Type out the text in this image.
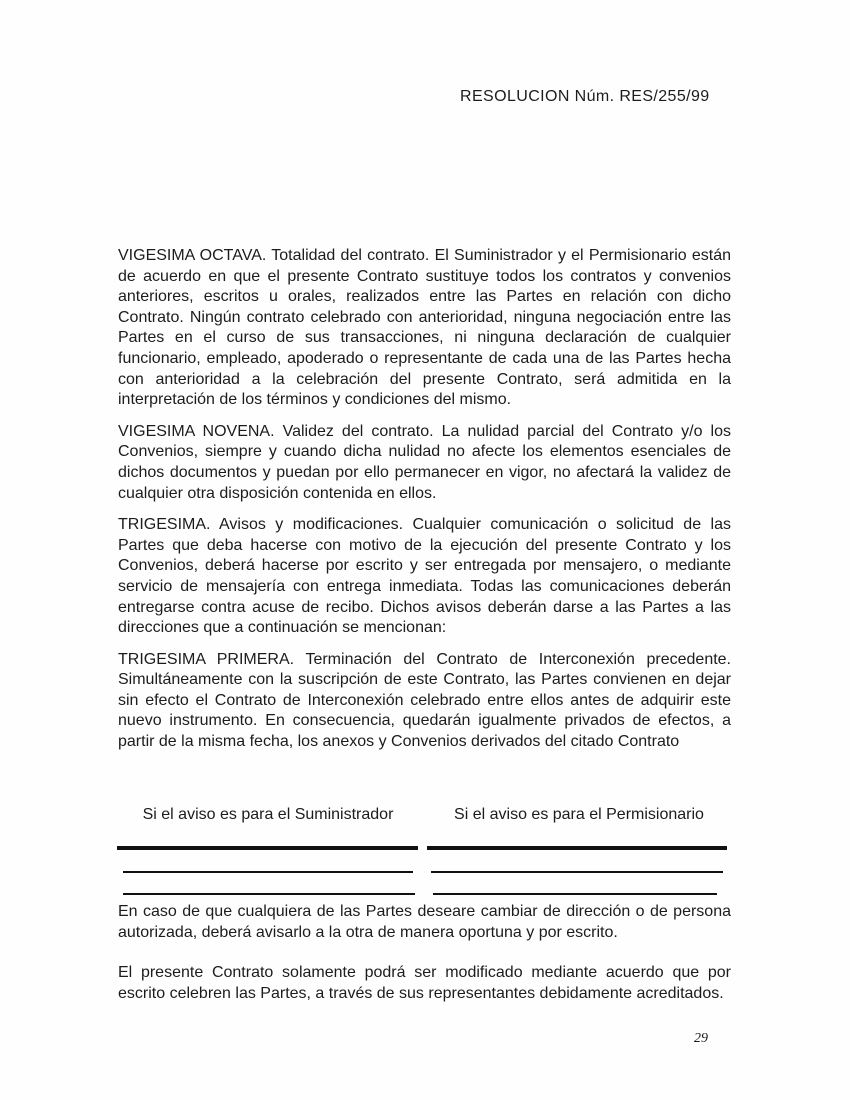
RESOLUCION Núm. RES/255/99

VIGESIMA OCTAVA. Totalidad del contrato. El Suministrador y el Permisionario están de acuerdo en que el presente Contrato sustituye todos los contratos y convenios anteriores, escritos u orales, realizados entre las Partes en relación con dicho Contrato. Ningún contrato celebrado con anterioridad, ninguna negociación entre las Partes en el curso de sus transacciones, ni ninguna declaración de cualquier funcionario, empleado, apoderado o representante de cada una de las Partes hecha con anterioridad a la celebración del presente Contrato, será admitida en la interpretación de los términos y condiciones del mismo.

VIGESIMA NOVENA. Validez del contrato. La nulidad parcial del Contrato y/o los Convenios, siempre y cuando dicha nulidad no afecte los elementos esenciales de dichos documentos y puedan por ello permanecer en vigor, no afectará la validez de cualquier otra disposición contenida en ellos.

TRIGESIMA. Avisos y modificaciones. Cualquier comunicación o solicitud de las Partes que deba hacerse con motivo de la ejecución del presente Contrato y los Convenios, deberá hacerse por escrito y ser entregada por mensajero, o mediante servicio de mensajería con entrega inmediata. Todas las comunicaciones deberán entregarse contra acuse de recibo. Dichos avisos deberán darse a las Partes a las direcciones que a continuación se mencionan:

TRIGESIMA PRIMERA. Terminación del Contrato de Interconexión precedente. Simultáneamente con la suscripción de este Contrato, las Partes convienen en dejar sin efecto el Contrato de Interconexión celebrado entre ellos antes de adquirir este nuevo instrumento. En consecuencia, quedarán igualmente privados de efectos, a partir de la misma fecha, los anexos y Convenios derivados del citado Contrato

Si el aviso es para el Suministrador	Si el aviso es para el Permisionario

En caso de que cualquiera de las Partes deseare cambiar de dirección o de persona autorizada, deberá avisarlo a la otra de manera oportuna y por escrito.

El presente Contrato solamente podrá ser modificado mediante acuerdo que por escrito celebren las Partes, a través de sus representantes debidamente acreditados.

29
